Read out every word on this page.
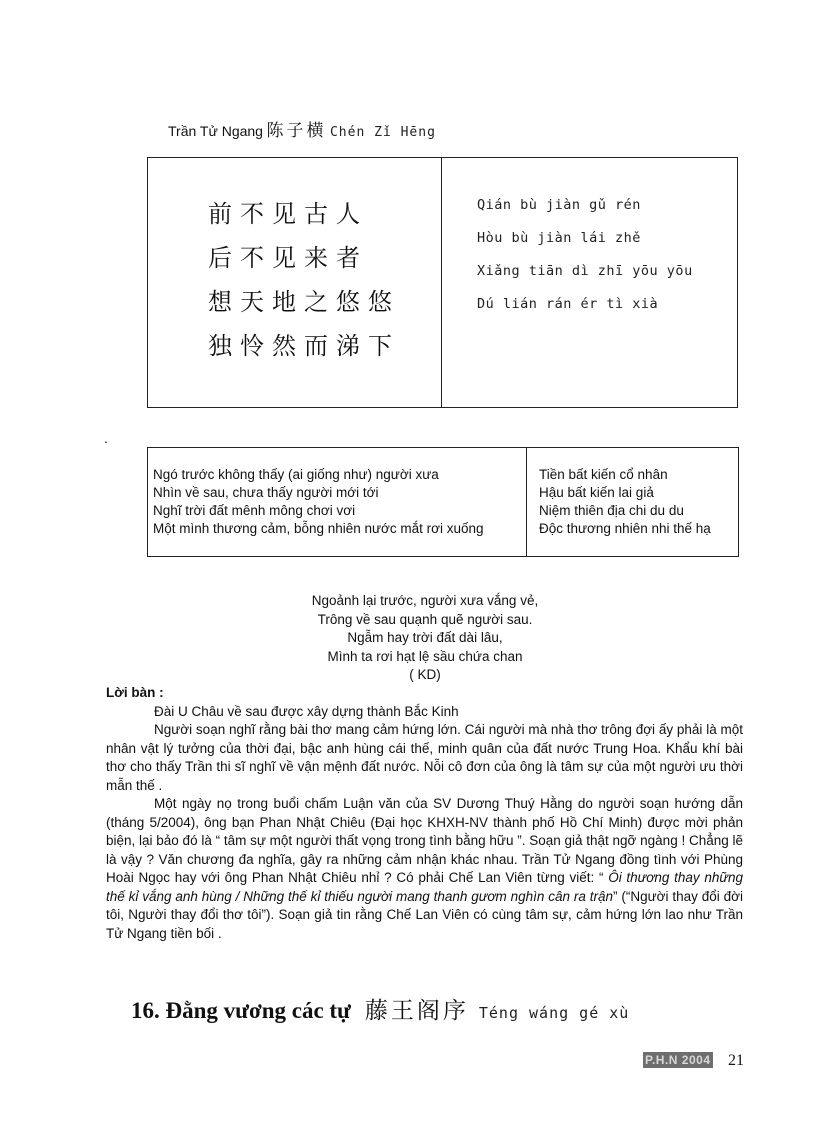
Trần Tử Ngang 陈子横 Chén Zǐ Hēng
前不见古人
后不见来者
想天地之悠悠
独怜然而涕下
Qián bù jiàn gǔ rén
Hòu bù jiàn lái zhě
Xiǎng tiān dì zhī yōu yōu
Dú lián rán ér tì xià
.
Ngó trước không thấy (ai giống như) người xưa
Nhìn về sau, chưa thấy người mới tới
Nghĩ trời đất mênh mông chơi vơi
Một mình thương cảm, bỗng nhiên nước mắt rơi xuống
Tiền bất kiến cổ nhân
Hậu bất kiến lai giả
Niệm thiên địa chi du du
Độc thương nhiên nhi thế hạ
Ngoảnh lại trước, người xưa vắng vẻ,
Trông về sau quạnh quẽ người sau.
Ngẫm hay trời đất dài lâu,
Mình ta rơi hạt lệ sầu chứa chan
( KD)

Lời bàn :

Đài U Châu về sau được xây dựng thành Bắc Kinh

Người soạn nghĩ rằng bài thơ mang cảm hứng lớn. Cái người mà nhà thơ trông đợi ấy phải là một nhân vật lý tưởng của thời đại, bậc anh hùng cái thế, minh quân của đất nước Trung Hoa. Khẩu khí bài thơ cho thấy Trần thi sĩ nghĩ về vận mệnh đất nước. Nỗi cô đơn của ông là tâm sự của một người ưu thời mẫn thế .

Một ngày nọ trong buổi chấm Luận văn của SV Dương Thuý Hằng do người soạn hướng dẫn (tháng 5/2004), ông bạn Phan Nhật Chiêu (Đại học KHXH-NV thành phố Hồ Chí Minh) được mời phản biện, lại bảo đó là “ tâm sự một người thất vọng trong tình bằng hữu ”. Soạn giả thật ngỡ ngàng ! Chẳng lẽ là vậy ? Văn chương đa nghĩa, gây ra những cảm nhận khác nhau. Trần Tử Ngang đồng tình với Phùng Hoài Ngọc hay với ông Phan Nhật Chiêu nhỉ ? Có phải Chế Lan Viên từng viết: “ Ôi thương thay những thế kỉ vắng anh hùng / Những thế kỉ thiếu người mang thanh gươm nghìn cân ra trận” (“Người thay đổi đời tôi, Người thay đổi thơ tôi”). Soạn giả tin rằng Chế Lan Viên có cùng tâm sự, cảm hứng lớn lao như Trần Tử Ngang tiền bối .

16. Đằng vương các tự 藤王阁序 Téng wáng gé xù
P.H.N 2004 21
